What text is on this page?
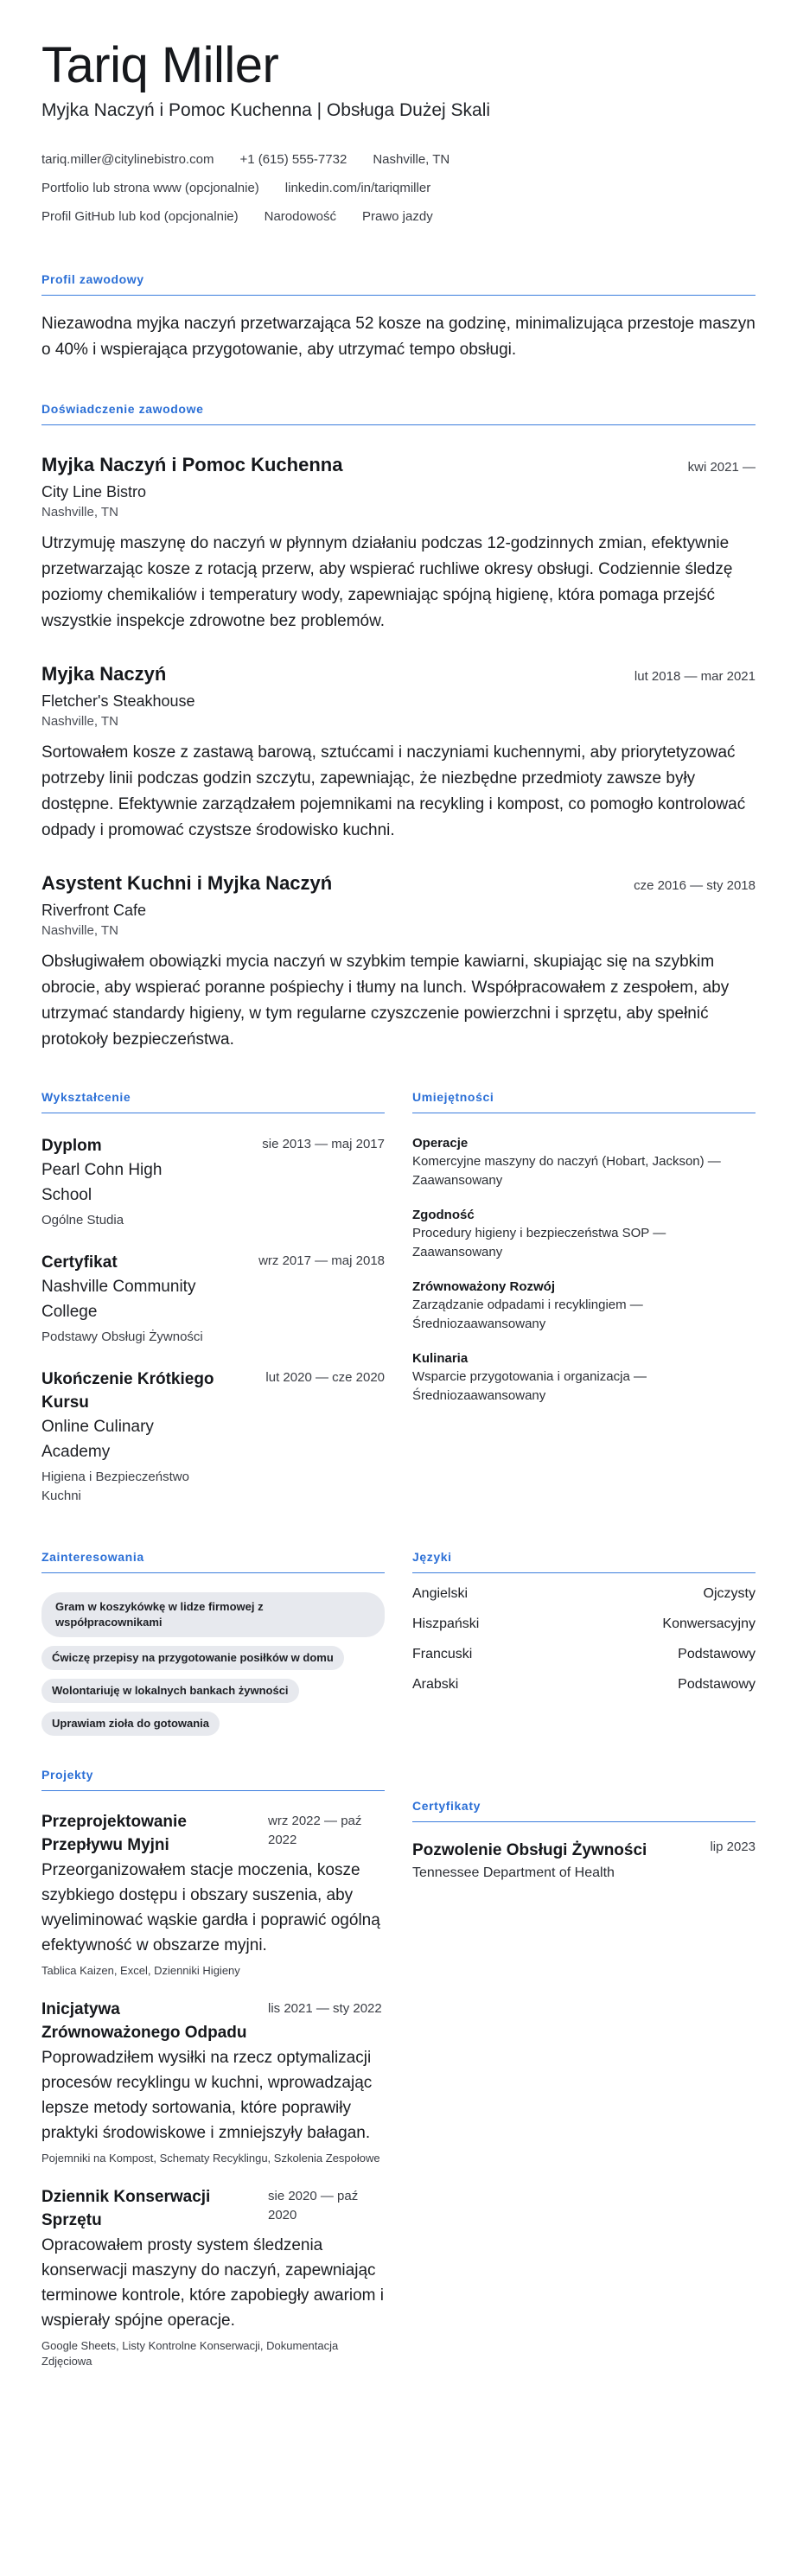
Tariq Miller
Myjka Naczyń i Pomoc Kuchenna | Obsługa Dużej Skali
tariq.miller@citylinebistro.com +1 (615) 555-7732 Nashville, TN
Portfolio lub strona www (opcjonalnie) linkedin.com/in/tariqmiller
Profil GitHub lub kod (opcjonalnie) Narodowość Prawo jazdy
Profil zawodowy
Niezawodna myjka naczyń przetwarzająca 52 kosze na godzinę, minimalizująca przestoje maszyn o 40% i wspierająca przygotowanie, aby utrzymać tempo obsługi.
Doświadczenie zawodowe
Myjka Naczyń i Pomoc Kuchenna	kwi 2021 —
City Line Bistro
Nashville, TN
Utrzymuję maszynę do naczyń w płynnym działaniu podczas 12-godzinnych zmian, efektywnie przetwarzając kosze z rotacją przerw, aby wspierać ruchliwe okresy obsługi. Codziennie śledzę poziomy chemikaliów i temperatury wody, zapewniając spójną higienę, która pomaga przejść wszystkie inspekcje zdrowotne bez problemów.
Myjka Naczyń	lut 2018 — mar 2021
Fletcher's Steakhouse
Nashville, TN
Sortowałem kosze z zastawą barową, sztućcami i naczyniami kuchennymi, aby priorytetyzować potrzeby linii podczas godzin szczytu, zapewniając, że niezbędne przedmioty zawsze były dostępne. Efektywnie zarządzałem pojemnikami na recykling i kompost, co pomogło kontrolować odpady i promować czystsze środowisko kuchni.
Asystent Kuchni i Myjka Naczyń	cze 2016 — sty 2018
Riverfront Cafe
Nashville, TN
Obsługiwałem obowiązki mycia naczyń w szybkim tempie kawiarni, skupiając się na szybkim obrocie, aby wspierać poranne pośpiechy i tłumy na lunch. Współpracowałem z zespołem, aby utrzymać standardy higieny, w tym regularne czyszczenie powierzchni i sprzętu, aby spełnić protokoły bezpieczeństwa.
Wykształcenie
Dyplom	sie 2013 — maj 2017
Pearl Cohn High School
Ogólne Studia
Certyfikat	wrz 2017 — maj 2018
Nashville Community College
Podstawy Obsługi Żywności
Ukończenie Krótkiego Kursu
lut 2020 — cze 2020
Online Culinary Academy
Higiena i Bezpieczeństwo Kuchni
Umiejętności
Operacje
Komercyjne maszyny do naczyń (Hobart, Jackson) — Zaawansowany
Zgodność
Procedury higieny i bezpieczeństwa SOP — Zaawansowany
Zrównoważony Rozwój
Zarządzanie odpadami i recyklingiem — Średniozaawansowany
Kulinaria
Wsparcie przygotowania i organizacja — Średniozaawansowany
Zainteresowania
Gram w koszykówkę w lidze firmowej z współpracownikami
Ćwiczę przepisy na przygotowanie posiłków w domu
Wolontariuję w lokalnych bankach żywności
Uprawiam zioła do gotowania
Języki
Angielski	Ojczysty
Hiszpański	Konwersacyjny
Francuski	Podstawowy
Arabski	Podstawowy
Projekty
Przeprojektowanie Przepływu Myjni
wrz 2022 — paź 2022
Przeorganizowałem stacje moczenia, kosze szybkiego dostępu i obszary suszenia, aby wyeliminować wąskie gardła i poprawić ogólną efektywność w obszarze myjni.
Tablica Kaizen, Excel, Dzienniki Higieny
Inicjatywa Zrównoważonego Odpadu
lis 2021 — sty 2022
Poprowadziłem wysiłki na rzecz optymalizacji procesów recyklingu w kuchni, wprowadzając lepsze metody sortowania, które poprawiły praktyki środowiskowe i zmniejszyły bałagan.
Pojemniki na Kompost, Schematy Recyklingu, Szkolenia Zespołowe
Dziennik Konserwacji Sprzętu
sie 2020 — paź 2020
Opracowałem prosty system śledzenia konserwacji maszyny do naczyń, zapewniając terminowe kontrole, które zapobiegły awariom i wspierały spójne operacje.
Google Sheets, Listy Kontrolne Konserwacji, Dokumentacja Zdjęciowa
Certyfikaty
Pozwolenie Obsługi Żywności	lip 2023
Tennessee Department of Health
